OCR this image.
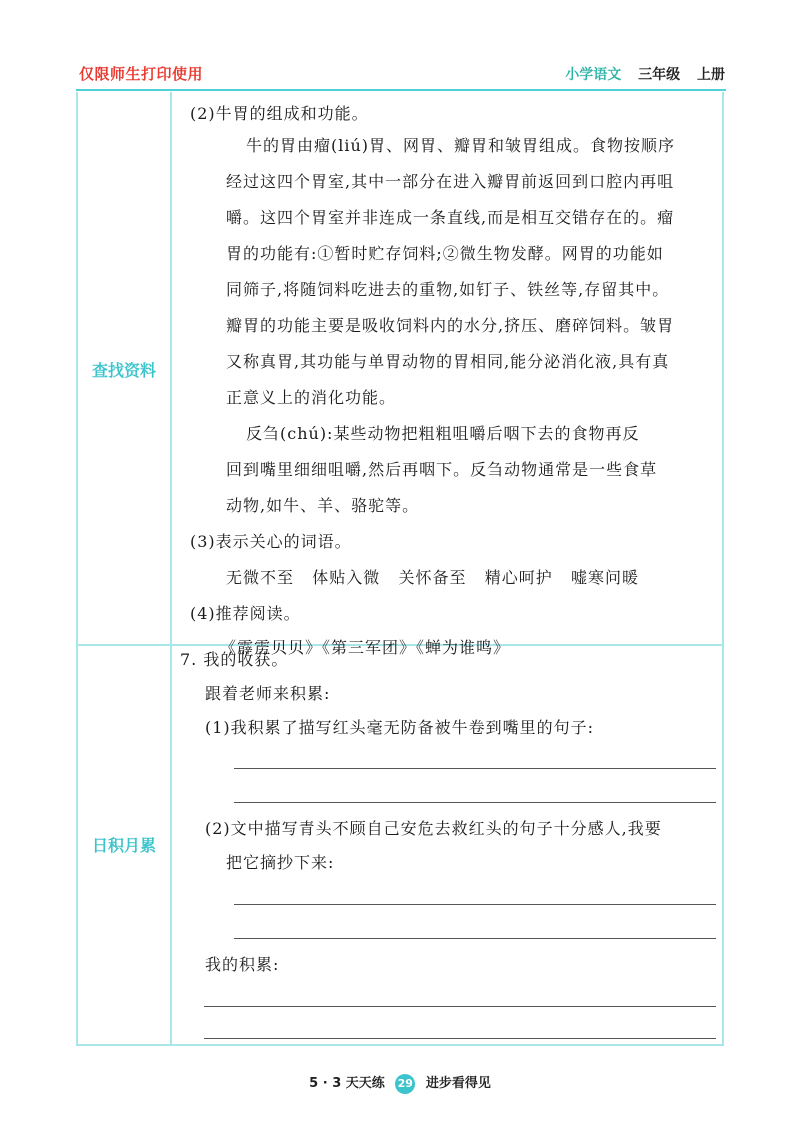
仅限师生打印使用	小学语文 三年级 上册
查找资料
日积月累
(2)牛胃的组成和功能。
牛的胃由瘤(liú)胃、网胃、瓣胃和皱胃组成。食物按顺序
经过这四个胃室,其中一部分在进入瓣胃前返回到口腔内再咀
嚼。这四个胃室并非连成一条直线,而是相互交错存在的。瘤
胃的功能有:①暂时贮存饲料;②微生物发酵。网胃的功能如
同筛子,将随饲料吃进去的重物,如钉子、铁丝等,存留其中。
瓣胃的功能主要是吸收饲料内的水分,挤压、磨碎饲料。皱胃
又称真胃,其功能与单胃动物的胃相同,能分泌消化液,具有真
正意义上的消化功能。
反刍(chú):某些动物把粗粗咀嚼后咽下去的食物再反
回到嘴里细细咀嚼,然后再咽下。反刍动物通常是一些食草
动物,如牛、羊、骆驼等。
(3)表示关心的词语。
无微不至   体贴入微   关怀备至   精心呵护   嘘寒问暖
(4)推荐阅读。
《霹雳贝贝》《第三军团》《蝉为谁鸣》
7. 我的收获。
跟着老师来积累:
(1)我积累了描写红头毫无防备被牛卷到嘴里的句子:
(2)文中描写青头不顾自己安危去救红头的句子十分感人,我要
把它摘抄下来:
我的积累:
5 · 3 天天练 29 进步看得见
